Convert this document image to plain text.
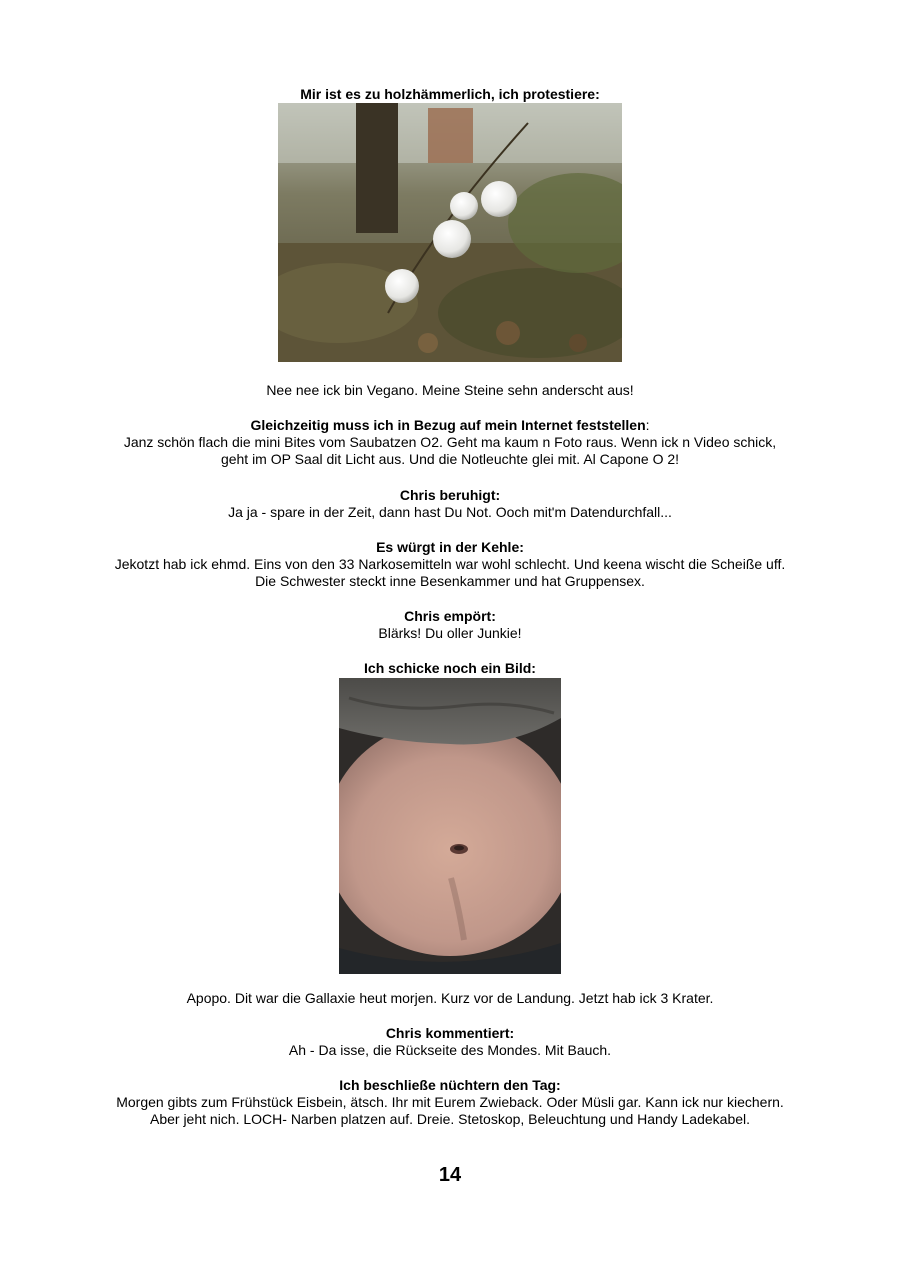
Mir ist es zu holzhämmerlich, ich protestiere:
Nee nee ick bin Vegano. Meine Steine sehn anderscht aus!
Gleichzeitig muss ich in Bezug auf mein Internet feststellen:
Janz schön flach die mini Bites vom Saubatzen O2. Geht ma kaum n Foto raus. Wenn ick n Video schick,
geht im OP Saal dit Licht aus. Und die Notleuchte glei mit. Al Capone O 2!
Chris beruhigt:
Ja ja - spare in der Zeit, dann hast Du Not. Ooch mit'm Datendurchfall...
Es würgt in der Kehle:
Jekotzt hab ick ehmd. Eins von den 33 Narkosemitteln war wohl schlecht. Und keena wischt die Scheiße uff.
Die Schwester steckt inne Besenkammer und hat Gruppensex.
Chris empört:
Blärks! Du oller Junkie!
Ich schicke noch ein Bild:
Apopo. Dit war die Gallaxie heut morjen. Kurz vor de Landung. Jetzt hab ick 3 Krater.
Chris kommentiert:
Ah - Da isse, die Rückseite des Mondes. Mit Bauch.
Ich beschließe nüchtern den Tag:
Morgen gibts zum Frühstück Eisbein, ätsch. Ihr mit Eurem Zwieback. Oder Müsli gar. Kann ick nur kiechern.
Aber jeht nich. LOCH- Narben platzen auf. Dreie. Stetoskop, Beleuchtung und Handy Ladekabel.
14
